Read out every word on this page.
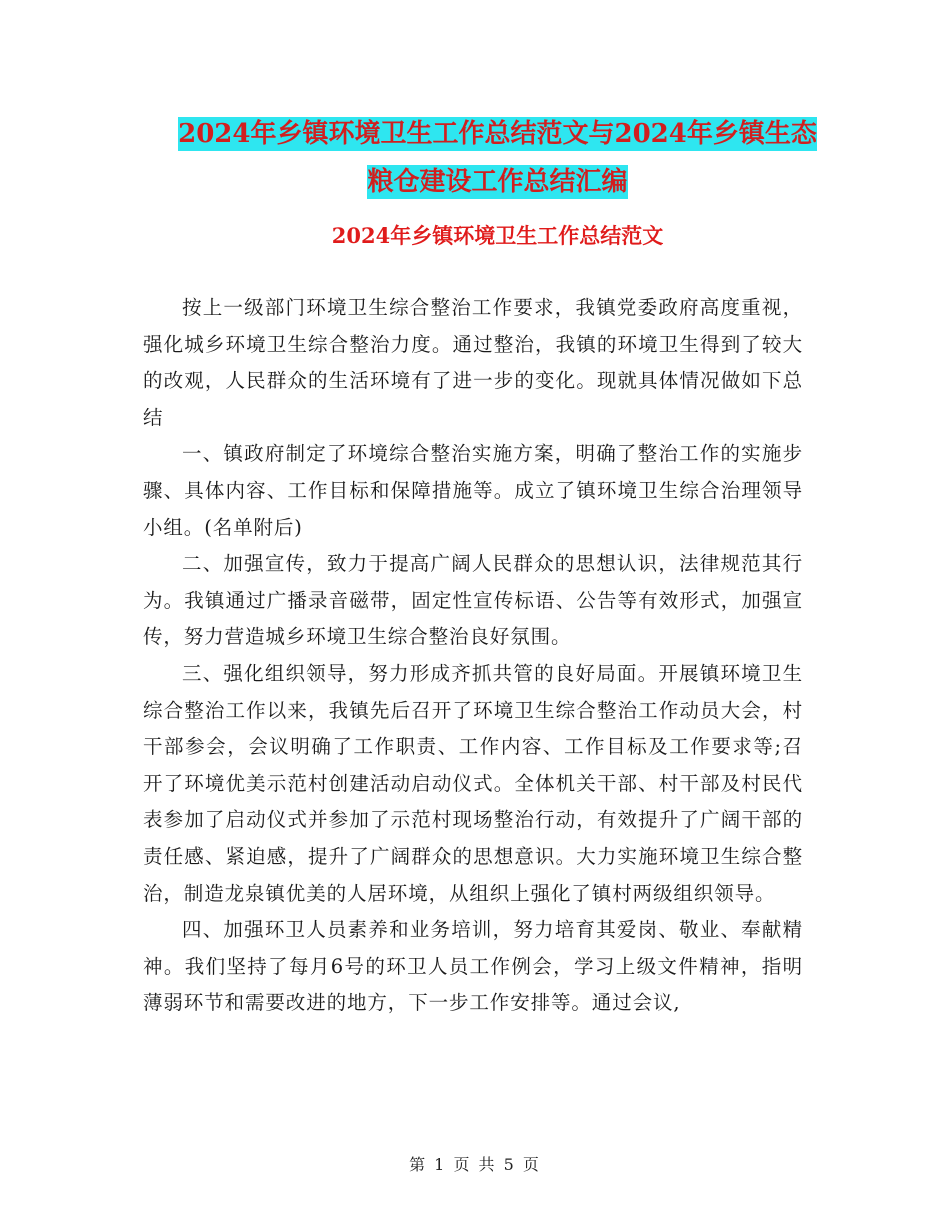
2024年乡镇环境卫生工作总结范文与2024年乡镇生态
粮仓建设工作总结汇编
2024年乡镇环境卫生工作总结范文

按上一级部门环境卫生综合整治工作要求，我镇党委政府高度重视，强化城乡环境卫生综合整治力度。通过整治，我镇的环境卫生得到了较大的改观，人民群众的生活环境有了进一步的变化。现就具体情况做如下总结

一、镇政府制定了环境综合整治实施方案，明确了整治工作的实施步骤、具体内容、工作目标和保障措施等。成立了镇环境卫生综合治理领导小组。(名单附后)

二、加强宣传，致力于提高广阔人民群众的思想认识，法律规范其行为。我镇通过广播录音磁带，固定性宣传标语、公告等有效形式，加强宣传，努力营造城乡环境卫生综合整治良好氛围。

三、强化组织领导，努力形成齐抓共管的良好局面。开展镇环境卫生综合整治工作以来，我镇先后召开了环境卫生综合整治工作动员大会，村干部参会，会议明确了工作职责、工作内容、工作目标及工作要求等;召开了环境优美示范村创建活动启动仪式。全体机关干部、村干部及村民代表参加了启动仪式并参加了示范村现场整治行动，有效提升了广阔干部的责任感、紧迫感，提升了广阔群众的思想意识。大力实施环境卫生综合整治，制造龙泉镇优美的人居环境，从组织上强化了镇村两级组织领导。

四、加强环卫人员素养和业务培训，努力培育其爱岗、敬业、奉献精神。我们坚持了每月6号的环卫人员工作例会，学习上级文件精神，指明薄弱环节和需要改进的地方，下一步工作安排等。通过会议,

第 1 页 共 5 页
